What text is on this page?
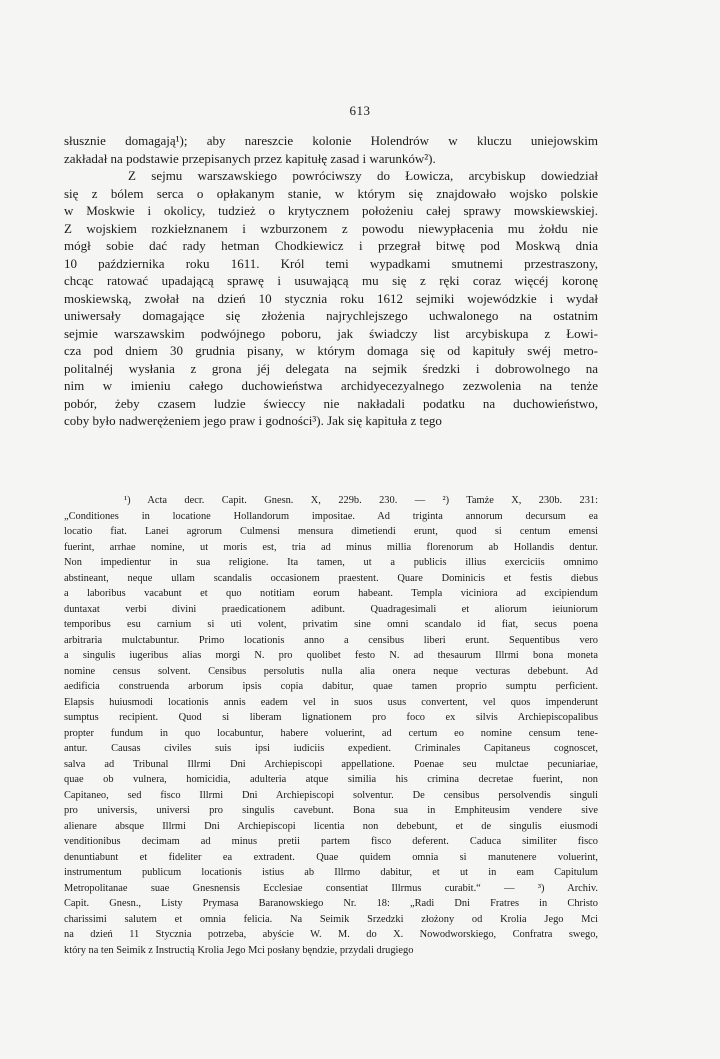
613
słusznie domagają¹); aby nareszcie kolonie Holendrów w kluczu uniejowskim
zakładał na podstawie przepisanych przez kapitułę zasad i warunków²).
Z sejmu warszawskiego powróciwszy do Łowicza, arcybiskup dowiedział
się z bólem serca o opłakanym stanie, w którym się znajdowało wojsko polskie
w Moskwie i okolicy, tudzież o krytycznem położeniu całej sprawy mowskiewskiej.
Z wojskiem rozkiełznanem i wzburzonem z powodu niewypłacenia mu żołdu nie
mógł sobie dać rady hetman Chodkiewicz i przegrał bitwę pod Moskwą dnia
10 października roku 1611. Król temi wypadkami smutnemi przestraszony,
chcąc ratować upadającą sprawę i usuwającą mu się z ręki coraz więcéj koronę
moskiewską, zwołał na dzień 10 stycznia roku 1612 sejmiki wojewódzkie i wydał
uniwersały domagające się złożenia najrychlejszego uchwalonego na ostatnim
sejmie warszawskim podwójnego poboru, jak świadczy list arcybiskupa z Łowi-
cza pod dniem 30 grudnia pisany, w którym domaga się od kapituły swéj metro-
politalnéj wysłania z grona jéj delegata na sejmik średzki i dobrowolnego na
nim w imieniu całego duchowieństwa archidyecezyalnego zezwolenia na tenże
pobór, żeby czasem ludzie świeccy nie nakładali podatku na duchowieństwo,
coby było nadwerężeniem jego praw i godności³). Jak się kapituła z tego
¹) Acta decr. Capit. Gnesn. X, 229b. 230. — ²) Tamże X, 230b. 231:
„Conditiones in locatione Hollandorum impositae. Ad triginta annorum decursum ea
locatio fiat. Lanei agrorum Culmensi mensura dimetiendi erunt, quod si centum emensi
fuerint, arrhae nomine, ut moris est, tria ad minus millia florenorum ab Hollandis dentur.
Non impedientur in sua religione. Ita tamen, ut a publicis illius exerciciis omnimo
abstineant, neque ullam scandalis occasionem praestent. Quare Dominicis et festis diebus
a laboribus vacabunt et quo notitiam eorum habeant. Templa viciniora ad excipiendum
duntaxat verbi divini praedicationem adibunt. Quadragesimali et aliorum ieiuniorum
temporibus esu carnium si uti volent, privatim sine omni scandalo id fiat, secus poena
arbitraria mulctabuntur. Primo locationis anno a censibus liberi erunt. Sequentibus vero
a singulis iugeribus alias morgi N. pro quolibet festo N. ad thesaurum Illrmi bona moneta
nomine census solvent. Censibus persolutis nulla alia onera neque vecturas debebunt. Ad
aedificia construenda arborum ipsis copia dabitur, quae tamen proprio sumptu perficient.
Elapsis huiusmodi locationis annis eadem vel in suos usus convertent, vel quos impenderunt
sumptus recipient. Quod si liberam lignationem pro foco ex silvis Archiepiscopalibus
propter fundum in quo locabuntur, habere voluerint, ad certum eo nomine censum tene-
antur. Causas civiles suis ipsi iudiciis expedient. Criminales Capitaneus cognoscet,
salva ad Tribunal Illrmi Dni Archiepiscopi appellatione. Poenae seu mulctae pecuniariae,
quae ob vulnera, homicidia, adulteria atque similia his crimina decretae fuerint, non
Capitaneo, sed fisco Illrmi Dni Archiepiscopi solventur. De censibus persolvendis singuli
pro universis, universi pro singulis cavebunt. Bona sua in Emphiteusim vendere sive
alienare absque Illrmi Dni Archiepiscopi licentia non debebunt, et de singulis eiusmodi
venditionibus decimam ad minus pretii partem fisco deferent. Caduca similiter fisco
denuntiabunt et fideliter ea extradent. Quae quidem omnia si manutenere voluerint,
instrumentum publicum locationis istius ab Illrmo dabitur, et ut in eam Capitulum
Metropolitanae suae Gnesnensis Ecclesiae consentiat Illrmus curabit.“ — ³) Archiv.
Capit. Gnesn., Listy Prymasa Baranowskiego Nr. 18: „Radi Dni Fratres in Christo
charissimi salutem et omnia felicia. Na Seimik Srzedzki złożony od Krolia Jego Mci
na dzień 11 Stycznia potrzeba, abyście W. M. do X. Nowodworskiego, Confratra swego,
który na ten Seimik z Instructią Krolia Jego Mci posłany bęndzie, przydali drugiego
